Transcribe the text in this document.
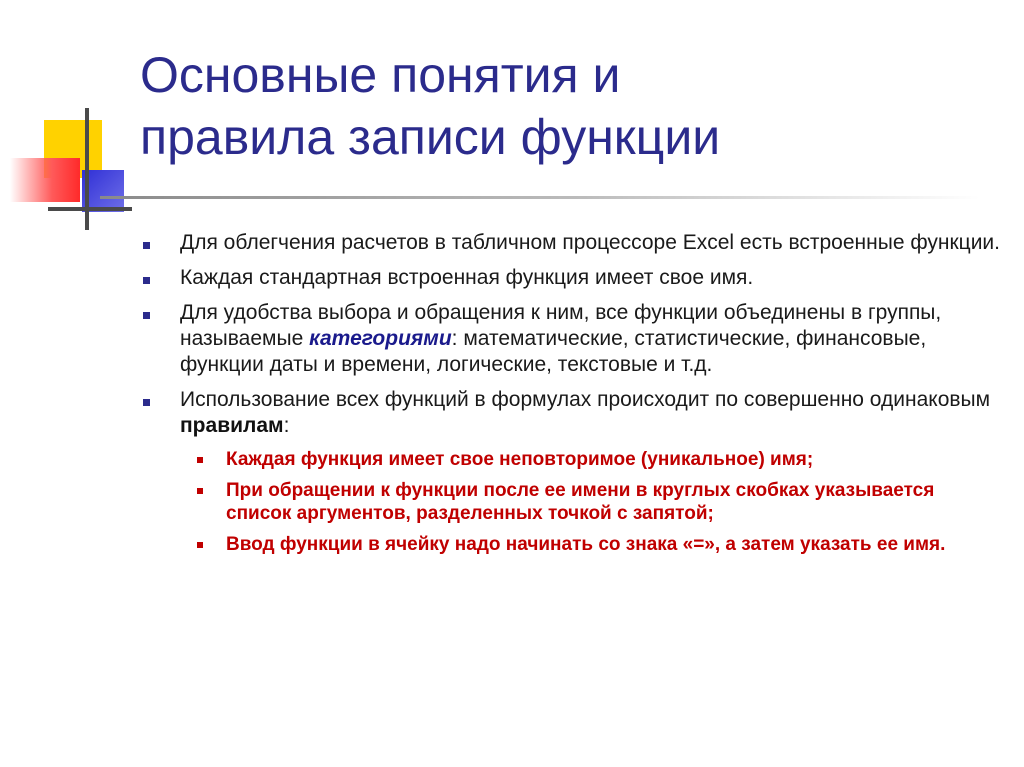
Основные понятия и
правила записи функции
Для облегчения расчетов в табличном процессоре Excel есть встроенные функции.
Каждая стандартная встроенная функция имеет свое имя.
Для удобства выбора и обращения к ним, все функции объединены в группы, называемые категориями: математические, статистические, финансовые, функции даты и времени, логические, текстовые и т.д.
Использование всех функций в формулах происходит по совершенно одинаковым правилам:
Каждая функция имеет свое неповторимое (уникальное) имя;
При обращении к функции после ее имени в круглых скобках указывается список аргументов, разделенных точкой с запятой;
Ввод функции в ячейку надо начинать со знака «=», а затем указать ее имя.
